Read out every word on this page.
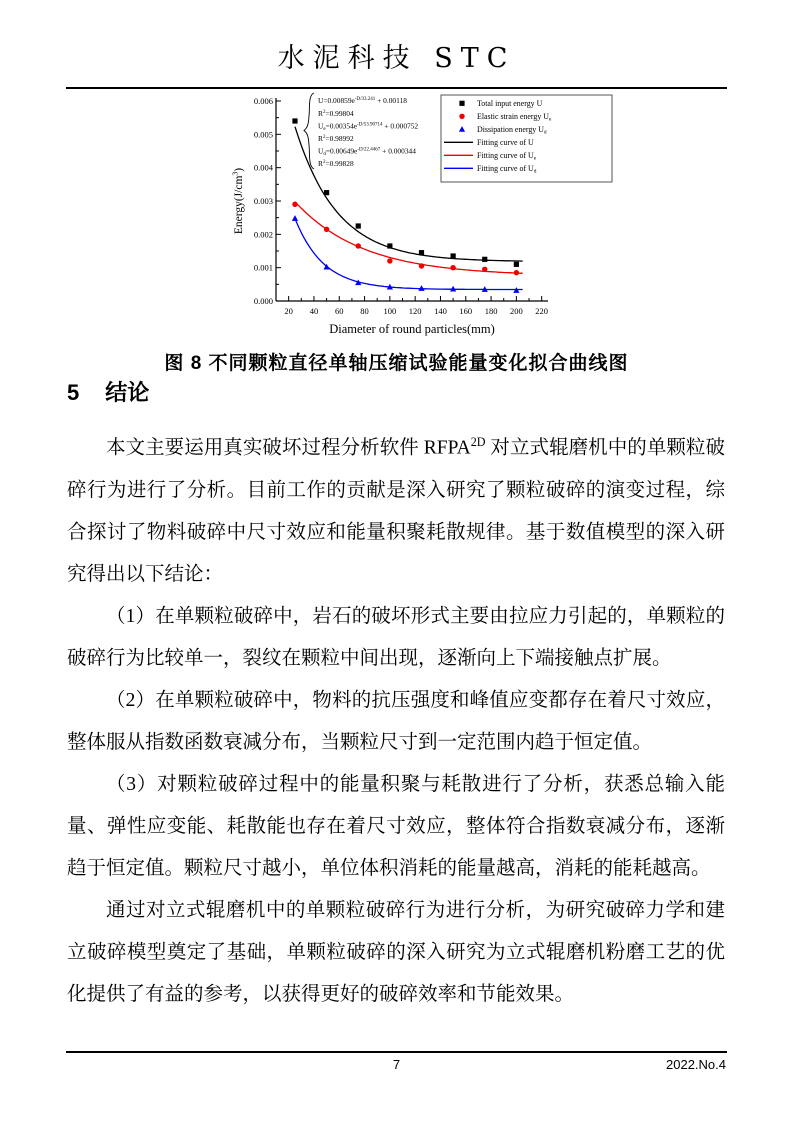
水泥科技 STC
20 40 60 80 100 120 140 160 180 200 220
0.000
0.001
0.002
0.003
0.004
0.005
0.006
Diameter of round particles(mm)
$Energy(J/cm^3)$
$U=0.00859e^{-D/33.241} + 0.00118$
$R^2=0.99804$
$U_e=0.00354e^{-D/53.90714} + 0.000752$
$R^2=0.98992$
$U_d=0.00649e^{-D/22.4467} + 0.000344$
$R^2=0.99828$
Total input energy U
Elastic strain energy $U_e$
Dissipation energy $U_d$
Fitting curve of U
Fitting curve of $U_e$
Fitting curve of $U_d$
图 8 不同颗粒直径单轴压缩试验能量变化拟合曲线图
5 结论

本文主要运用真实破坏过程分析软件 $RFPA^{2D}$ 对立式辊磨机中的单颗粒破碎行为进行了分析。目前工作的贡献是深入研究了颗粒破碎的演变过程，综合探讨了物料破碎中尺寸效应和能量积聚耗散规律。基于数值模型的深入研究得出以下结论：

（1）在单颗粒破碎中，岩石的破坏形式主要由拉应力引起的，单颗粒的破碎行为比较单一，裂纹在颗粒中间出现，逐渐向上下端接触点扩展。

（2）在单颗粒破碎中，物料的抗压强度和峰值应变都存在着尺寸效应，整体服从指数函数衰减分布，当颗粒尺寸到一定范围内趋于恒定值。

（3）对颗粒破碎过程中的能量积聚与耗散进行了分析，获悉总输入能量、弹性应变能、耗散能也存在着尺寸效应，整体符合指数衰减分布，逐渐趋于恒定值。颗粒尺寸越小，单位体积消耗的能量越高，消耗的能耗越高。

通过对立式辊磨机中的单颗粒破碎行为进行分析，为研究破碎力学和建立破碎模型奠定了基础，单颗粒破碎的深入研究为立式辊磨机粉磨工艺的优化提供了有益的参考，以获得更好的破碎效率和节能效果。

7	2022.No.4
